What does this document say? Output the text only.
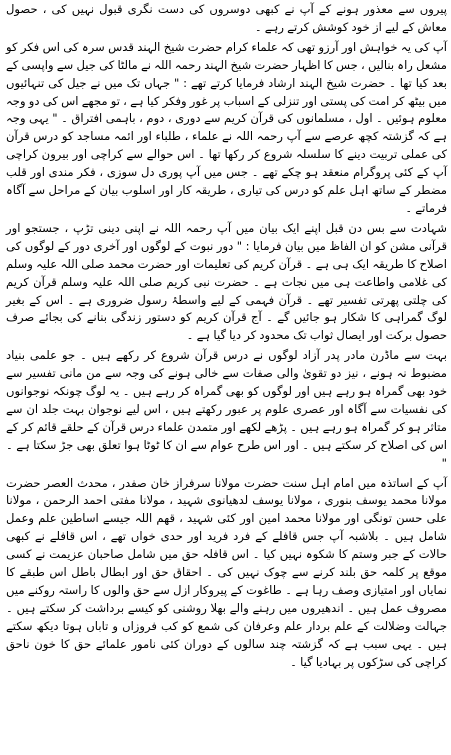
پیروں سے معذور ہونے کے آپ نے کبھی دوسروں کی دست نگری قبول نہیں کی ، حصول معاش کے لیے از خود کوشش کرتے رہے ۔

آپ کی یہ خواہش اور آرزو تھی کہ علماء کرام حضرت شیخ الہند قدس سرہ کی اس فکر کو مشعل راہ بنالیں ، جس کا اظہار حضرت شیخ الہند رحمہ اللہ نے مالٹا کی جیل سے واپسی کے بعد کیا تھا ۔ حضرت شیخ الہند ارشاد فرمایا کرتے تھے : " جہاں تک میں نے جیل کی تنہائیوں میں بیٹھ کر امت کی پستی اور تنزلی کے اسباب پر غور وفکر کیا ہے ، تو مجھے اس کی دو وجہ معلوم ہوئیں ۔ اول ، مسلمانوں کی قرآن کریم سے دوری ، دوم ، باہمی افتراق ۔ " یہی وجہ ہے کہ گزشتہ کچھ عرصے سے آپ رحمہ اللہ نے علماء ، طلباء اور ائمہ مساجد کو درس قرآن کی عملی تربیت دینے کا سلسلہ شروع کر رکھا تھا ۔ اس حوالے سے کراچی اور بیرون کراچی آپ کے کئی پروگرام منعقد ہو چکے تھے ۔ جس میں آپ پوری دل سوزی ، فکر مندی اور قلب مضطر کے ساتھ اہل علم کو درس کی تیاری ، طریقہ کار اور اسلوب بیان کے مراحل سے آگاہ فرماتے ۔

شہادت سے بس دن قبل اپنے ایک بیان میں آپ رحمہ اللہ نے اپنی دینی تڑپ ، جستجو اور قرآنی مشن کو ان الفاظ میں بیان فرمایا : " دور نبوت کے لوگوں اور آخری دور کے لوگوں کی اصلاح کا طریقہ ایک ہی ہے ۔ قرآن کریم کی تعلیمات اور حضرت محمد صلی اللہ علیہ وسلم کی غلامی واطاعت ہی میں نجات ہے ۔ حضرت نبی کریم صلی اللہ علیہ وسلم قرآن کریم کی چلتی پھرتی تفسیر تھے ۔ قرآن فہمی کے لیے واسطۂ رسول ضروری ہے ۔ اس کے بغیر لوگ گمراہی کا شکار ہو جائیں گے ۔ آج قرآن کریم کو دستور زندگی بنانے کی بجائے صرف حصول برکت اور ایصال ثواب تک محدود کر دیا گیا ہے ۔

بہت سے ماڈرن مادر پدر آزاد لوگوں نے درس قرآن شروع کر رکھے ہیں ۔ جو علمی بنیاد مضبوط نہ ہونے ، نیز دو تقویٰ والی صفات سے خالی ہونے کی وجہ سے من مانی تفسیر سے خود بھی گمراہ ہو رہے ہیں اور لوگوں کو بھی گمراہ کر رہے ہیں ۔ یہ لوگ چونکہ نوجوانوں کی نفسیات سے آگاہ اور عصری علوم پر عبور رکھتے ہیں ، اس لیے نوجوان بہت جلد ان سے متاثر ہو کر گمراہ ہو رہے ہیں ۔ پڑھے لکھے اور متمدن علماء درس قرآن کے حلقے قائم کر کے اس کی اصلاح کر سکتے ہیں ۔ اور اس طرح عوام سے ان کا ٹوٹا ہوا تعلق بھی جڑ سکتا ہے ۔ "

آپ کے اساتذہ میں امام اہل سنت حضرت مولانا سرفراز خان صفدر ، محدث العصر حضرت مولانا محمد یوسف بنوری ، مولانا یوسف لدھیانوی شہید ، مولانا مفتی احمد الرحمن ، مولانا علی حسن تونگی اور مولانا محمد امین اور کئی شہید ، قھم اللہ جیسے اساطین علم وعمل شامل ہیں ۔ بلاشبہ آپ جس قافلے کے فرد فرید اور حدی خواں تھے ، اس قافلے نے کبھی حالات کے جبر وستم کا شکوہ نہیں کیا ۔ اس قافلہ حق میں شامل صاحبان عزیمت نے کسی موقع پر کلمہ حق بلند کرنے سے چوک نہیں کی ۔ احقاق حق اور ابطال باطل اس طبقے کا نمایاں اور امتیازی وصف رہا ہے ۔ طاغوت کے پیروکار ازل سے حق والوں کا راستہ روکنے میں مصروف عمل ہیں ۔ اندھیروں میں رہنے والے بھلا روشنی کو کیسے برداشت کر سکتے ہیں ۔ جہالت وضلالت کے علم بردار علم وعرفان کی شمع کو کب فروزاں و تاباں ہوتا دیکھ سکتے ہیں ۔ یہی سبب ہے کہ گزشتہ چند سالوں کے دوران کئی نامور علمائے حق کا خون ناحق کراچی کی سڑکوں پر بہادیا گیا ۔
